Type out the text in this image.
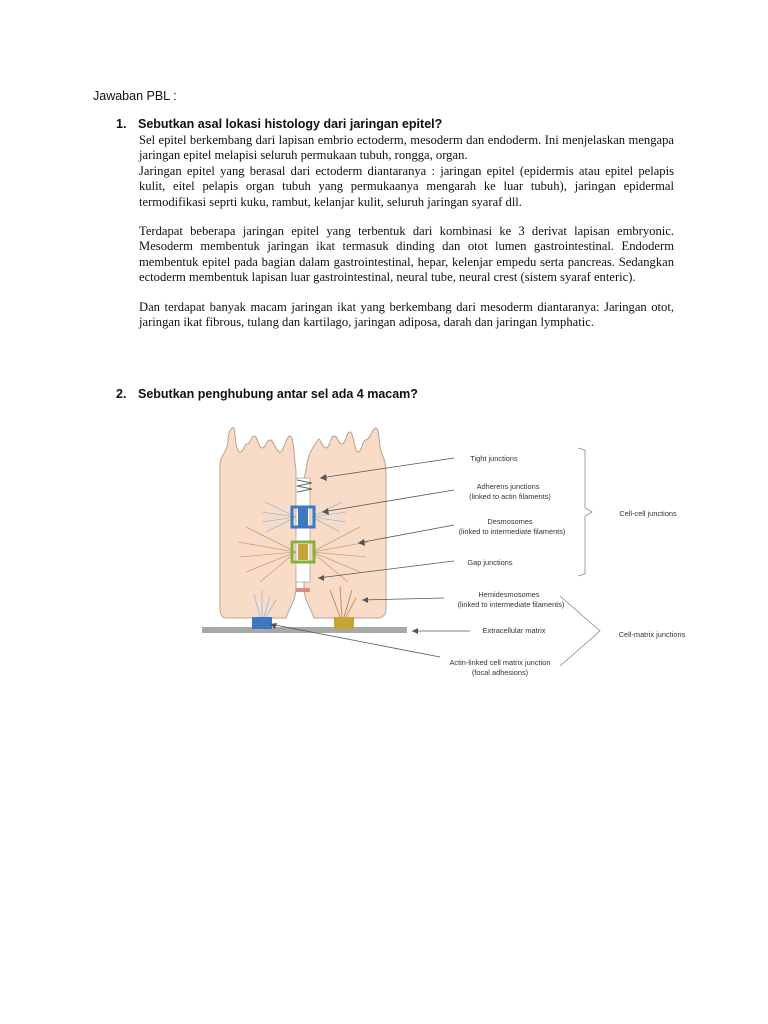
Jawaban PBL :
1. Sebutkan asal lokasi histology dari jaringan epitel?

Sel epitel berkembang dari lapisan embrio ectoderm, mesoderm dan endoderm. Ini menjelaskan mengapa jaringan epitel melapisi seluruh permukaan tubuh, rongga, organ.

Jaringan epitel yang berasal dari ectoderm diantaranya : jaringan epitel (epidermis atau epitel pelapis kulit, eitel pelapis organ tubuh yang permukaanya mengarah ke luar tubuh), jaringan epidermal termodifikasi seprti kuku, rambut, kelanjar kulit, seluruh jaringan syaraf dll.

Terdapat beberapa jaringan epitel yang terbentuk dari kombinasi ke 3 derivat lapisan embryonic. Mesoderm membentuk jaringan ikat termasuk dinding dan otot lumen gastrointestinal. Endoderm membentuk epitel pada bagian dalam gastrointestinal, hepar, kelenjar empedu serta pancreas. Sedangkan ectoderm membentuk lapisan luar gastrointestinal, neural tube, neural crest (sistem syaraf enteric).

Dan terdapat banyak macam jaringan ikat yang berkembang dari mesoderm diantaranya: Jaringan otot, jaringan ikat fibrous, tulang dan kartilago, jaringan adiposa, darah dan jaringan lymphatic.

2. Sebutkan penghubung antar sel ada 4 macam?
Tight junctions
Adherens junctions
(linked to actin filaments)
Desmosomes
(linked to intermediate filaments)
Gap junctions
Hemidesmosomes
(linked to intermediate filaments)
Extracellular matrix
Actin-linked cell matrix junction
(focal adhesions)
Cell-cell junctions
Cell-matrix junctions
